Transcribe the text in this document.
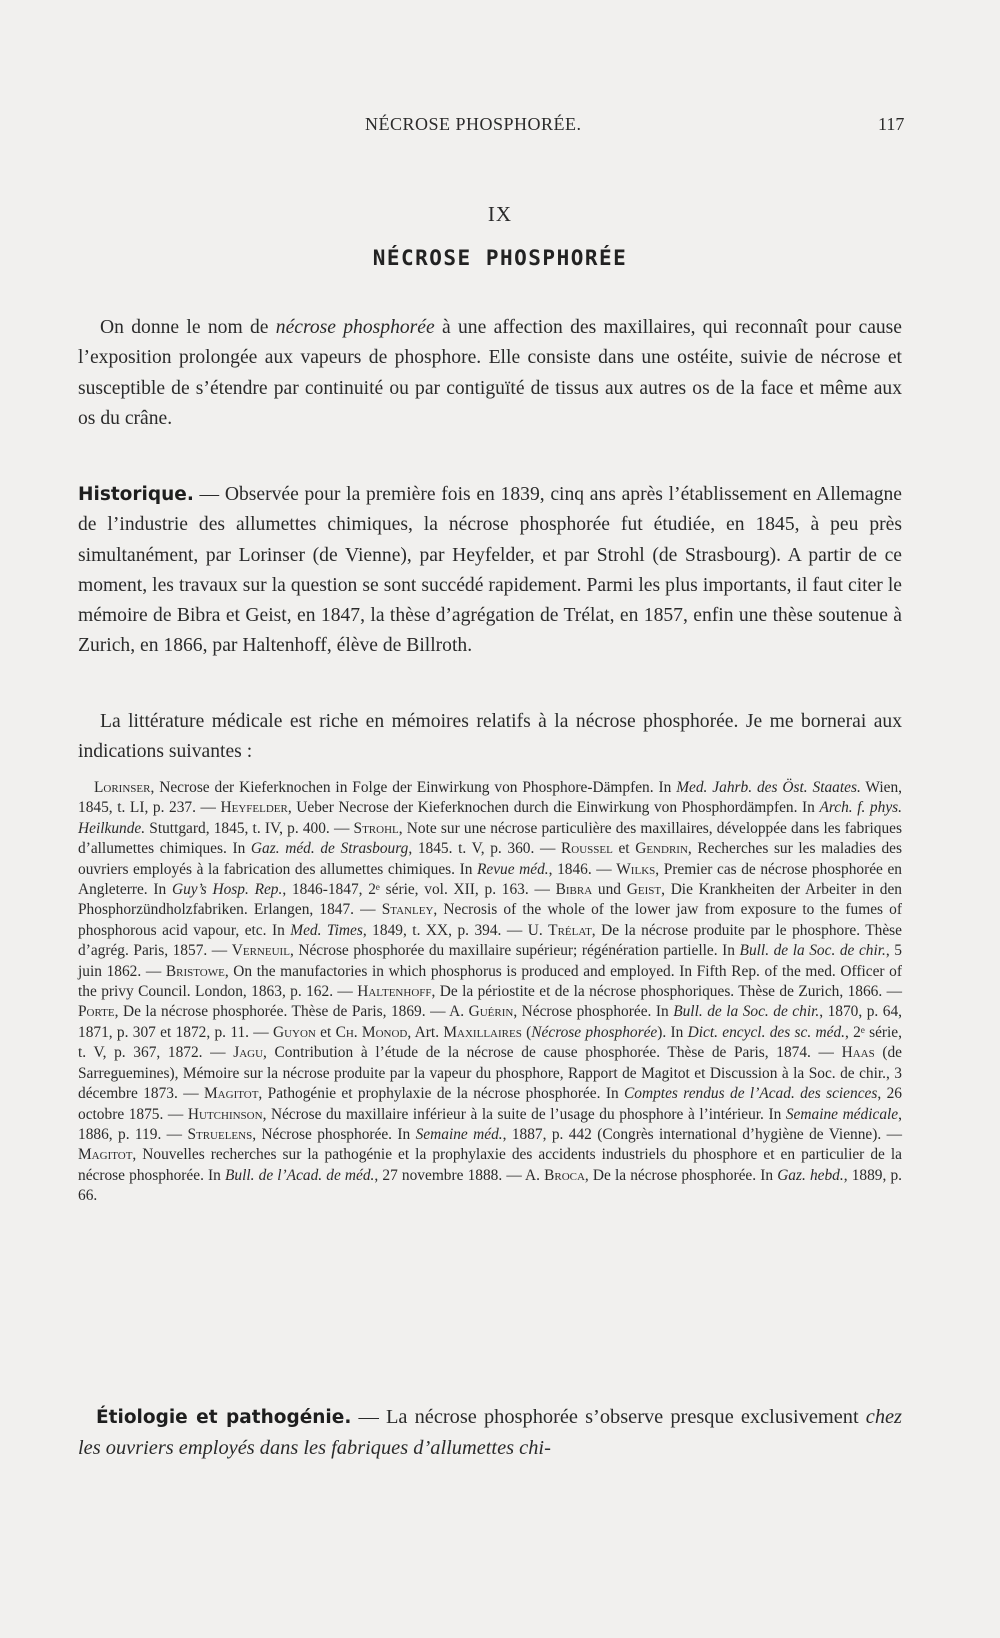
NÉCROSE PHOSPHORÉE.	117
IX
NÉCROSE PHOSPHORÉE

On donne le nom de nécrose phosphorée à une affection des maxillaires, qui reconnaît pour cause l’exposition prolongée aux vapeurs de phosphore. Elle consiste dans une ostéite, suivie de nécrose et susceptible de s’étendre par continuité ou par contiguïté de tissus aux autres os de la face et même aux os du crâne.

Historique. — Observée pour la première fois en 1839, cinq ans après l’établissement en Allemagne de l’industrie des allumettes chimiques, la nécrose phosphorée fut étudiée, en 1845, à peu près simultanément, par Lorinser (de Vienne), par Heyfelder, et par Strohl (de Strasbourg). A partir de ce moment, les travaux sur la question se sont succédé rapidement. Parmi les plus importants, il faut citer le mémoire de Bibra et Geist, en 1847, la thèse d’agrégation de Trélat, en 1857, enfin une thèse soutenue à Zurich, en 1866, par Haltenhoff, élève de Billroth.

La littérature médicale est riche en mémoires relatifs à la nécrose phosphorée. Je me bornerai aux indications suivantes :

Lorinser, Necrose der Kieferknochen in Folge der Einwirkung von Phosphore-Dämpfen. In Med. Jahrb. des Öst. Staates. Wien, 1845, t. LI, p. 237. — Heyfelder, Ueber Necrose der Kieferknochen durch die Einwirkung von Phosphordämpfen. In Arch. f. phys. Heilkunde. Stuttgard, 1845, t. IV, p. 400. — Strohl, Note sur une nécrose particulière des maxillaires, développée dans les fabriques d’allumettes chimiques. In Gaz. méd. de Strasbourg, 1845. t. V, p. 360. — Roussel et Gendrin, Recherches sur les maladies des ouvriers employés à la fabrication des allumettes chimiques. In Revue méd., 1846. — Wilks, Premier cas de nécrose phosphorée en Angleterre. In Guy’s Hosp. Rep., 1846-1847, 2ᵉ série, vol. XII, p. 163. — Bibra und Geist, Die Krankheiten der Arbeiter in den Phosphorzündholzfabriken. Erlangen, 1847. — Stanley, Necrosis of the whole of the lower jaw from exposure to the fumes of phosphorous acid vapour, etc. In Med. Times, 1849, t. XX, p. 394. — U. Trélat, De la nécrose produite par le phosphore. Thèse d’agrég. Paris, 1857. — Verneuil, Nécrose phosphorée du maxillaire supérieur; régénération partielle. In Bull. de la Soc. de chir., 5 juin 1862. — Bristowe, On the manufactories in which phosphorus is produced and employed. In Fifth Rep. of the med. Officer of the privy Council. London, 1863, p. 162. — Haltenhoff, De la périostite et de la nécrose phosphoriques. Thèse de Zurich, 1866. — Porte, De la nécrose phosphorée. Thèse de Paris, 1869. — A. Guérin, Nécrose phosphorée. In Bull. de la Soc. de chir., 1870, p. 64, 1871, p. 307 et 1872, p. 11. — Guyon et Ch. Monod, Art. Maxillaires (Nécrose phosphorée). In Dict. encycl. des sc. méd., 2ᵉ série, t. V, p. 367, 1872. — Jagu, Contribution à l’étude de la nécrose de cause phosphorée. Thèse de Paris, 1874. — Haas (de Sarreguemines), Mémoire sur la nécrose produite par la vapeur du phosphore, Rapport de Magitot et Discussion à la Soc. de chir., 3 décembre 1873. — Magitot, Pathogénie et prophylaxie de la nécrose phosphorée. In Comptes rendus de l’Acad. des sciences, 26 octobre 1875. — Hutchinson, Nécrose du maxillaire inférieur à la suite de l’usage du phosphore à l’intérieur. In Semaine médicale, 1886, p. 119. — Struelens, Nécrose phosphorée. In Semaine méd., 1887, p. 442 (Congrès international d’hygiène de Vienne). — Magitot, Nouvelles recherches sur la pathogénie et la prophylaxie des accidents industriels du phosphore et en particulier de la nécrose phosphorée. In Bull. de l’Acad. de méd., 27 novembre 1888. — A. Broca, De la nécrose phosphorée. In Gaz. hebd., 1889, p. 66.

Étiologie et pathogénie. — La nécrose phosphorée s’observe presque exclusivement chez les ouvriers employés dans les fabriques d’allumettes chi-
